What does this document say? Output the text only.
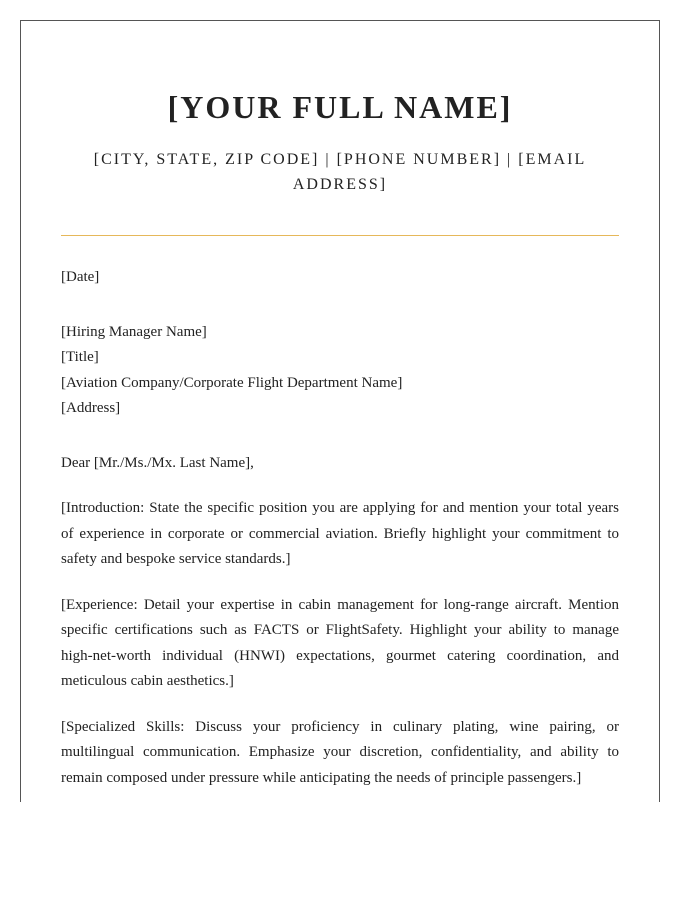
[YOUR FULL NAME]

[CITY, STATE, ZIP CODE] | [PHONE NUMBER] | [EMAIL ADDRESS]

[Date]

[Hiring Manager Name]
[Title]
[Aviation Company/Corporate Flight Department Name]
[Address]

Dear [Mr./Ms./Mx. Last Name],

[Introduction: State the specific position you are applying for and mention your total years of experience in corporate or commercial aviation. Briefly highlight your commitment to safety and bespoke service standards.]

[Experience: Detail your expertise in cabin management for long-range aircraft. Mention specific certifications such as FACTS or FlightSafety. Highlight your ability to manage high-net-worth individual (HNWI) expectations, gourmet catering coordination, and meticulous cabin aesthetics.]

[Specialized Skills: Discuss your proficiency in culinary plating, wine pairing, or multilingual communication. Emphasize your discretion, confidentiality, and ability to remain composed under pressure while anticipating the needs of principle passengers.]
